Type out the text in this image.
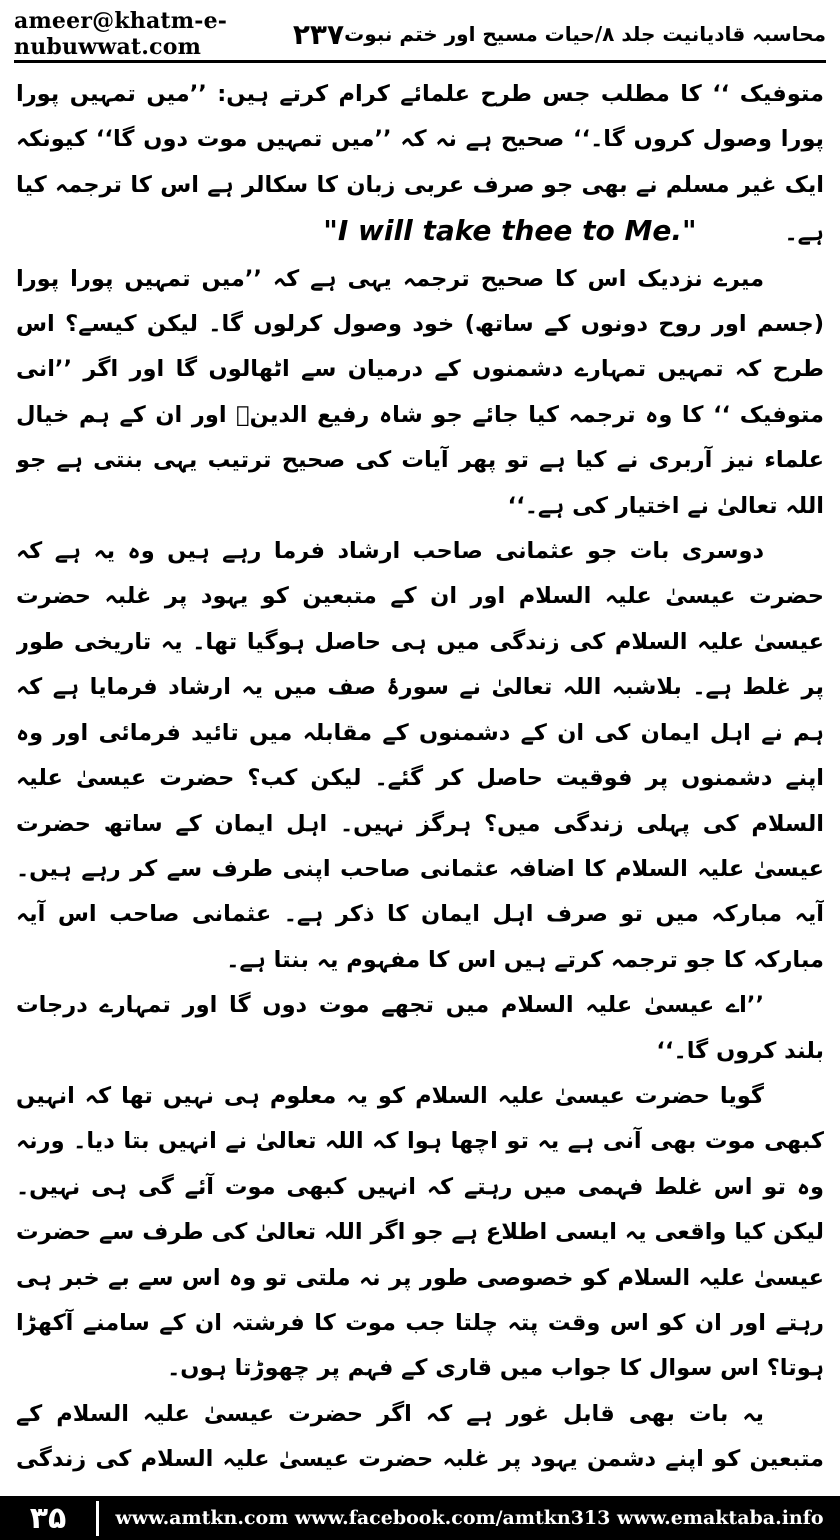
ameer@khatm-e-nubuwwat.com	۲۳۷ محاسبہ قادیانیت جلد ۸/حیات مسیح اور ختم نبوت

متوفیک ‘‘ کا مطلب جس طرح علمائے کرام کرتے ہیں: ’’میں تمہیں پورا پورا وصول کروں گا۔‘‘ صحیح ہے نہ کہ ’’میں تمہیں موت دوں گا‘‘ کیونکہ ایک غیر مسلم نے بھی جو صرف عربی زبان کا سکالر ہے اس کا ترجمہ کیا ہے۔ "I will take thee to Me."

میرے نزدیک اس کا صحیح ترجمہ یہی ہے کہ ’’میں تمہیں پورا پورا (جسم اور روح دونوں کے ساتھ) خود وصول کرلوں گا۔ لیکن کیسے؟ اس طرح کہ تمہیں تمہارے دشمنوں کے درمیان سے اٹھالوں گا اور اگر ’’انی متوفیک ‘‘ کا وہ ترجمہ کیا جائے جو شاہ رفیع الدینؒ اور ان کے ہم خیال علماء نیز آربری نے کیا ہے تو پھر آیات کی صحیح ترتیب یہی بنتی ہے جو اللہ تعالیٰ نے اختیار کی ہے۔‘‘

دوسری بات جو عثمانی صاحب ارشاد فرما رہے ہیں وہ یہ ہے کہ حضرت عیسیٰ علیہ السلام اور ان کے متبعین کو یہود پر غلبہ حضرت عیسیٰ علیہ السلام کی زندگی میں ہی حاصل ہوگیا تھا۔ یہ تاریخی طور پر غلط ہے۔ بلاشبہ اللہ تعالیٰ نے سورۂ صف میں یہ ارشاد فرمایا ہے کہ ہم نے اہل ایمان کی ان کے دشمنوں کے مقابلہ میں تائید فرمائی اور وہ اپنے دشمنوں پر فوقیت حاصل کر گئے۔ لیکن کب؟ حضرت عیسیٰ علیہ السلام کی پہلی زندگی میں؟ ہرگز نہیں۔ اہل ایمان کے ساتھ حضرت عیسیٰ علیہ السلام کا اضافہ عثمانی صاحب اپنی طرف سے کر رہے ہیں۔ آیہ مبارکہ میں تو صرف اہل ایمان کا ذکر ہے۔ عثمانی صاحب اس آیہ مبارکہ کا جو ترجمہ کرتے ہیں اس کا مفہوم یہ بنتا ہے۔

’’اے عیسیٰ علیہ السلام میں تجھے موت دوں گا اور تمہارے درجات بلند کروں گا۔‘‘

گویا حضرت عیسیٰ علیہ السلام کو یہ معلوم ہی نہیں تھا کہ انہیں کبھی موت بھی آنی ہے یہ تو اچھا ہوا کہ اللہ تعالیٰ نے انہیں بتا دیا۔ ورنہ وہ تو اس غلط فہمی میں رہتے کہ انہیں کبھی موت آئے گی ہی نہیں۔ لیکن کیا واقعی یہ ایسی اطلاع ہے جو اگر اللہ تعالیٰ کی طرف سے حضرت عیسیٰ علیہ السلام کو خصوصی طور پر نہ ملتی تو وہ اس سے بے خبر ہی رہتے اور ان کو اس وقت پتہ چلتا جب موت کا فرشتہ ان کے سامنے آکھڑا ہوتا؟ اس سوال کا جواب میں قاری کے فہم پر چھوڑتا ہوں۔

یہ بات بھی قابل غور ہے کہ اگر حضرت عیسیٰ علیہ السلام کے متبعین کو اپنے دشمن یہود پر غلبہ حضرت عیسیٰ علیہ السلام کی زندگی

۳۵	www.amtkn.com www.facebook.com/amtkn313 www.emaktaba.info
